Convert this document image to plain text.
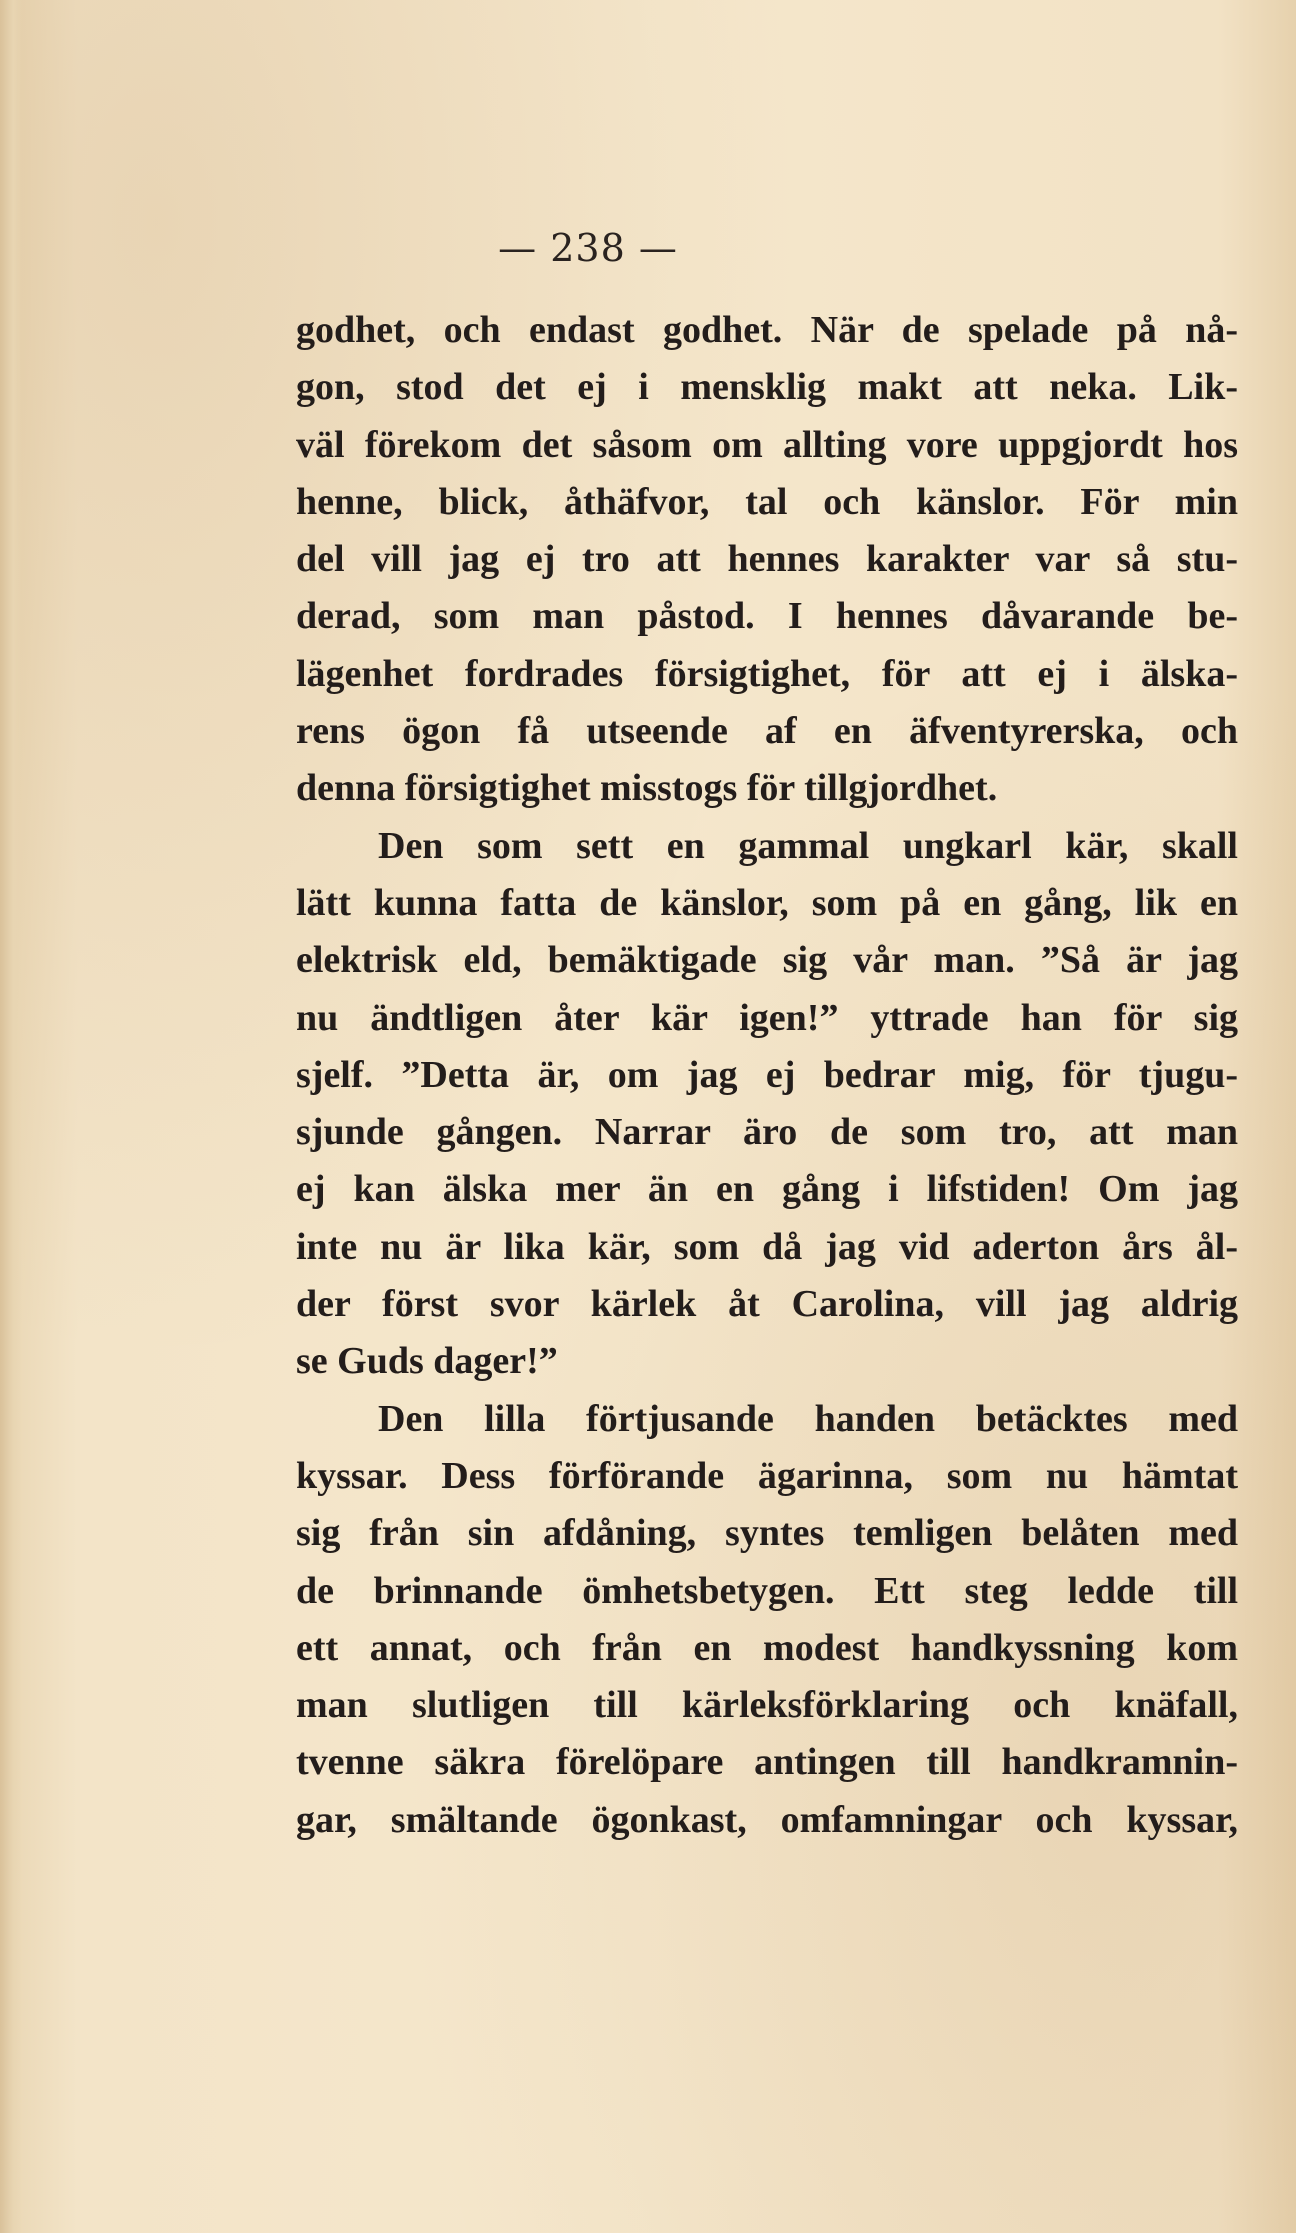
— 238 —
godhet, och endast godhet. När de spelade på nå-
gon, stod det ej i mensklig makt att neka. Lik-
väl förekom det såsom om allting vore uppgjordt hos
henne, blick, åthäfvor, tal och känslor. För min
del vill jag ej tro att hennes karakter var så stu-
derad, som man påstod. I hennes dåvarande be-
lägenhet fordrades försigtighet, för att ej i älska-
rens ögon få utseende af en äfventyrerska, och
denna försigtighet misstogs för tillgjordhet.
Den som sett en gammal ungkarl kär, skall
lätt kunna fatta de känslor, som på en gång, lik en
elektrisk eld, bemäktigade sig vår man. ”Så är jag
nu ändtligen åter kär igen!” yttrade han för sig
sjelf. ”Detta är, om jag ej bedrar mig, för tjugu-
sjunde gången. Narrar äro de som tro, att man
ej kan älska mer än en gång i lifstiden! Om jag
inte nu är lika kär, som då jag vid aderton års ål-
der först svor kärlek åt Carolina, vill jag aldrig
se Guds dager!”
Den lilla förtjusande handen betäcktes med
kyssar. Dess förförande ägarinna, som nu hämtat
sig från sin afdåning, syntes temligen belåten med
de brinnande ömhetsbetygen. Ett steg ledde till
ett annat, och från en modest handkyssning kom
man slutligen till kärleksförklaring och knäfall,
tvenne säkra förelöpare antingen till handkramnin-
gar, smältande ögonkast, omfamningar och kyssar,
